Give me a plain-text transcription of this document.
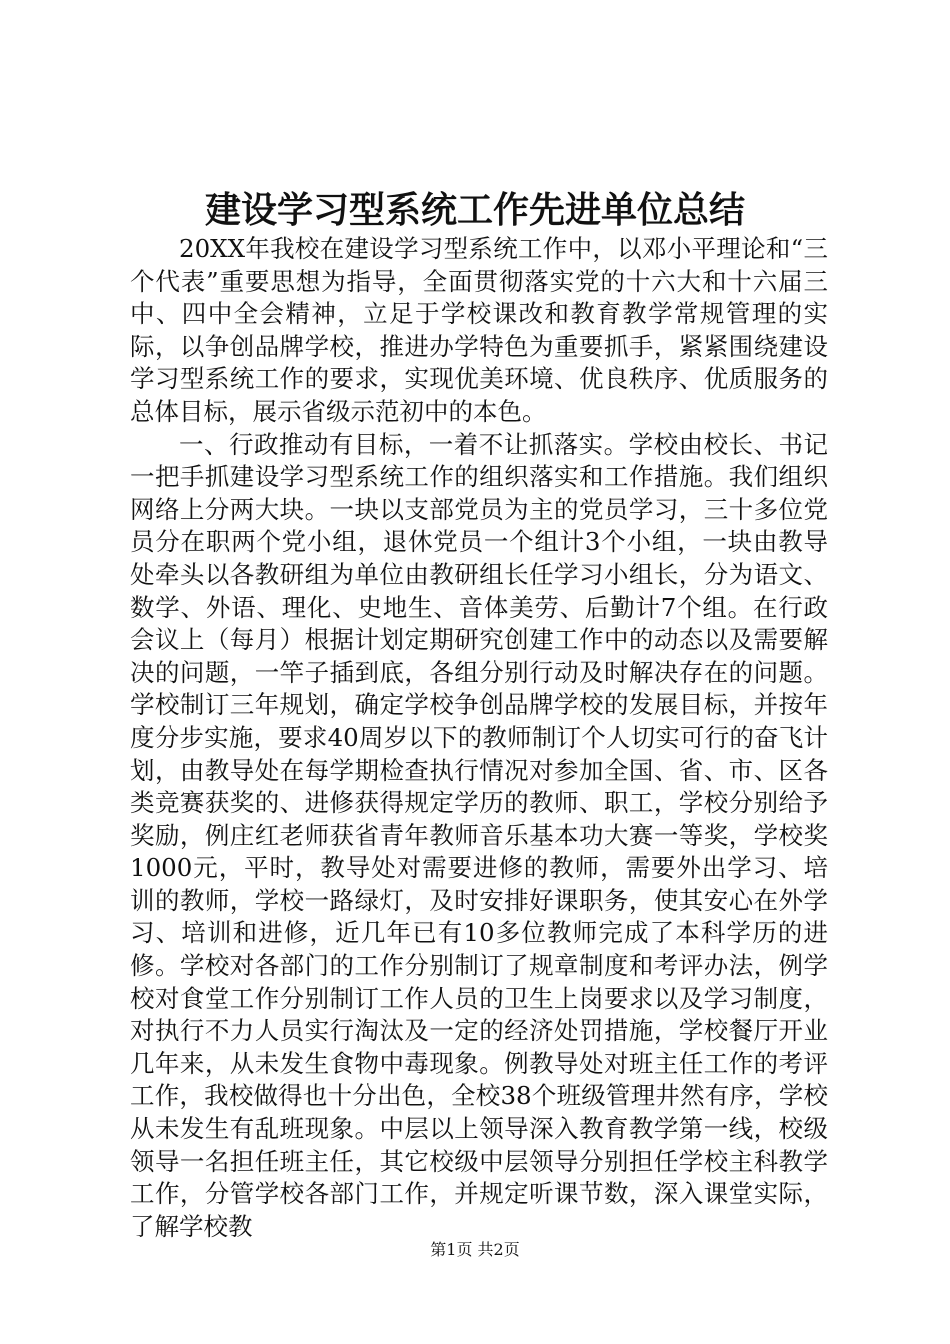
建设学习型系统工作先进单位总结

20XX年我校在建设学习型系统工作中，以邓小平理论和“三个代表”重要思想为指导，全面贯彻落实党的十六大和十六届三中、四中全会精神，立足于学校课改和教育教学常规管理的实际，以争创品牌学校，推进办学特色为重要抓手，紧紧围绕建设学习型系统工作的要求，实现优美环境、优良秩序、优质服务的总体目标，展示省级示范初中的本色。

一、行政推动有目标，一着不让抓落实。学校由校长、书记一把手抓建设学习型系统工作的组织落实和工作措施。我们组织网络上分两大块。一块以支部党员为主的党员学习，三十多位党员分在职两个党小组，退休党员一个组计3个小组，一块由教导处牵头以各教研组为单位由教研组长任学习小组长，分为语文、数学、外语、理化、史地生、音体美劳、后勤计7个组。在行政会议上（每月）根据计划定期研究创建工作中的动态以及需要解决的问题，一竿子插到底，各组分别行动及时解决存在的问题。学校制订三年规划，确定学校争创品牌学校的发展目标，并按年度分步实施，要求40周岁以下的教师制订个人切实可行的奋飞计划，由教导处在每学期检查执行情况对参加全国、省、市、区各类竞赛获奖的、进修获得规定学历的教师、职工，学校分别给予奖励，例庄红老师获省青年教师音乐基本功大赛一等奖，学校奖1000元，平时，教导处对需要进修的教师，需要外出学习、培训的教师，学校一路绿灯，及时安排好课职务，使其安心在外学习、培训和进修，近几年已有10多位教师完成了本科学历的进修。学校对各部门的工作分别制订了规章制度和考评办法，例学校对食堂工作分别制订工作人员的卫生上岗要求以及学习制度，对执行不力人员实行淘汰及一定的经济处罚措施，学校餐厅开业几年来，从未发生食物中毒现象。例教导处对班主任工作的考评工作，我校做得也十分出色，全校38个班级管理井然有序，学校从未发生有乱班现象。中层以上领导深入教育教学第一线，校级领导一名担任班主任，其它校级中层领导分别担任学校主科教学工作，分管学校各部门工作，并规定听课节数，深入课堂实际，了解学校教

第1页 共2页
